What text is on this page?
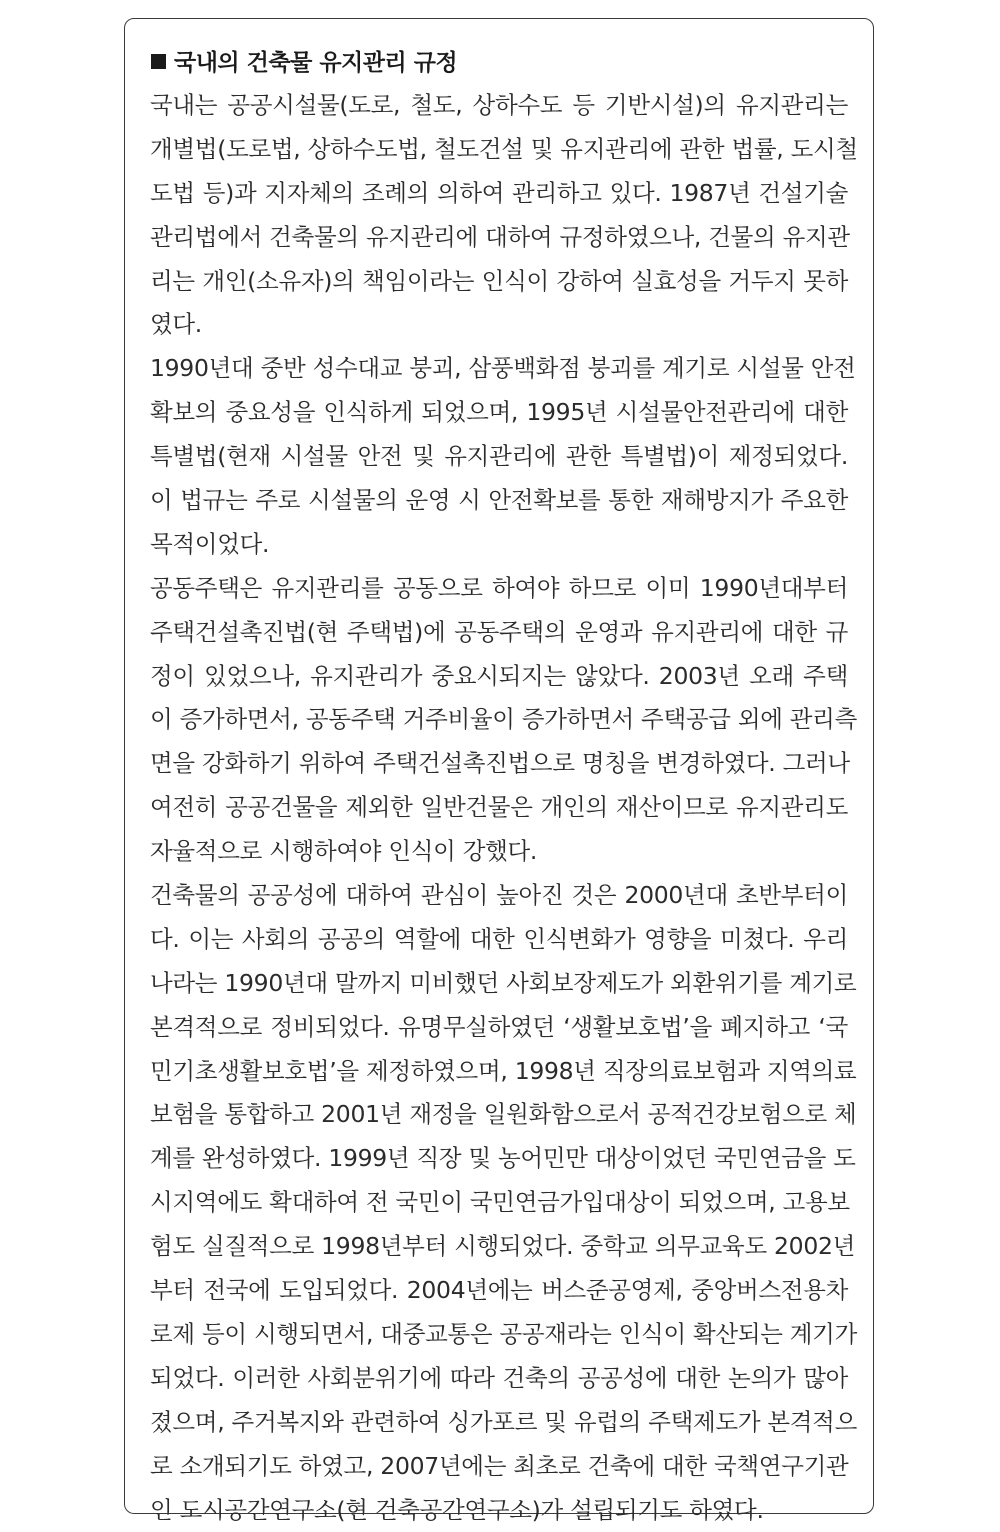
국내의 건축물 유지관리 규정
국내는 공공시설물(도로, 철도, 상하수도 등 기반시설)의 유지관리는
개별법(도로법, 상하수도법, 철도건설 및 유지관리에 관한 법률, 도시철
도법 등)과 지자체의 조례의 의하여 관리하고 있다. 1987년 건설기술
관리법에서 건축물의 유지관리에 대하여 규정하였으나, 건물의 유지관
리는 개인(소유자)의 책임이라는 인식이 강하여 실효성을 거두지 못하
였다.
1990년대 중반 성수대교 붕괴, 삼풍백화점 붕괴를 계기로 시설물 안전
확보의 중요성을 인식하게 되었으며, 1995년 시설물안전관리에 대한
특별법(현재 시설물 안전 및 유지관리에 관한 특별법)이 제정되었다.
이 법규는 주로 시설물의 운영 시 안전확보를 통한 재해방지가 주요한
목적이었다.
공동주택은 유지관리를 공동으로 하여야 하므로 이미 1990년대부터
주택건설촉진법(현 주택법)에 공동주택의 운영과 유지관리에 대한 규
정이 있었으나, 유지관리가 중요시되지는 않았다. 2003년 오래 주택
이 증가하면서, 공동주택 거주비율이 증가하면서 주택공급 외에 관리측
면을 강화하기 위하여 주택건설촉진법으로 명칭을 변경하였다. 그러나
여전히 공공건물을 제외한 일반건물은 개인의 재산이므로 유지관리도
자율적으로 시행하여야 인식이 강했다.
건축물의 공공성에 대하여 관심이 높아진 것은 2000년대 초반부터이
다. 이는 사회의 공공의 역할에 대한 인식변화가 영향을 미쳤다. 우리
나라는 1990년대 말까지 미비했던 사회보장제도가 외환위기를 계기로
본격적으로 정비되었다. 유명무실하였던 ‘생활보호법’을 폐지하고 ‘국
민기초생활보호법’을 제정하였으며, 1998년 직장의료보험과 지역의료
보험을 통합하고 2001년 재정을 일원화함으로서 공적건강보험으로 체
계를 완성하였다. 1999년 직장 및 농어민만 대상이었던 국민연금을 도
시지역에도 확대하여 전 국민이 국민연금가입대상이 되었으며, 고용보
험도 실질적으로 1998년부터 시행되었다. 중학교 의무교육도 2002년
부터 전국에 도입되었다. 2004년에는 버스준공영제, 중앙버스전용차
로제 등이 시행되면서, 대중교통은 공공재라는 인식이 확산되는 계기가
되었다. 이러한 사회분위기에 따라 건축의 공공성에 대한 논의가 많아
졌으며, 주거복지와 관련하여 싱가포르 및 유럽의 주택제도가 본격적으
로 소개되기도 하였고, 2007년에는 최초로 건축에 대한 국책연구기관
인 도시공간연구소(현 건축공간연구소)가 설립되기도 하였다.
